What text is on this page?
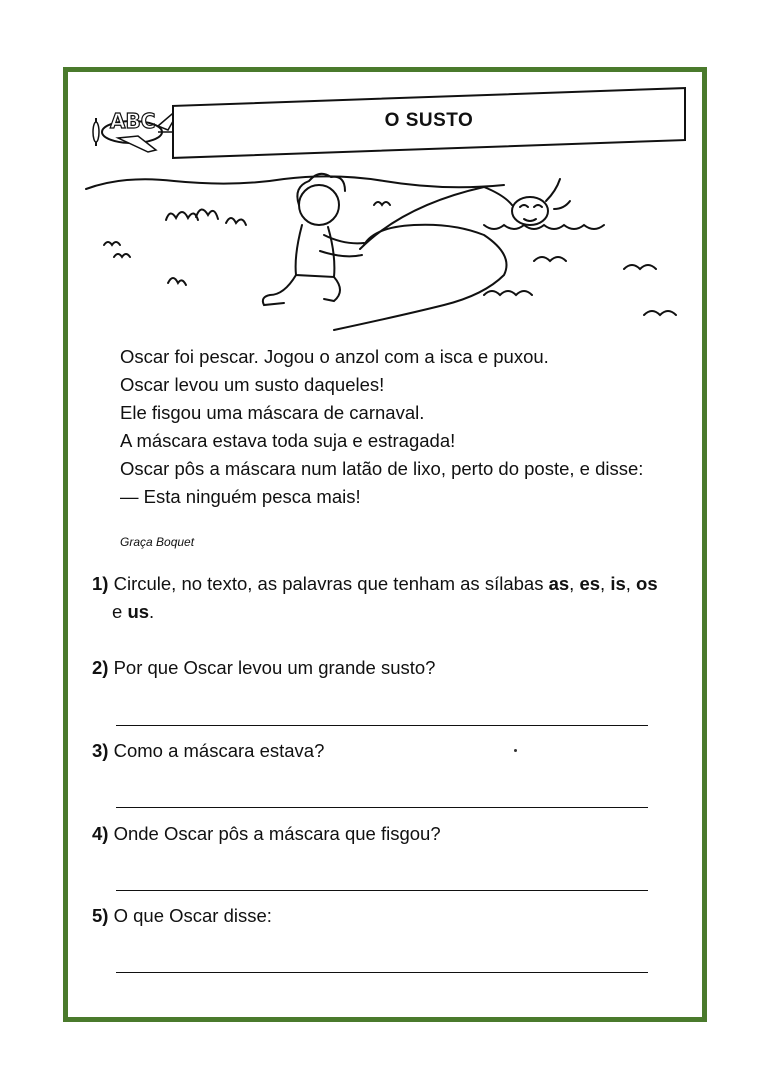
ABC	O SUSTO

Oscar foi pescar. Jogou o anzol com a isca e puxou.

Oscar levou um susto daqueles!

Ele fisgou uma máscara de carnaval.

A máscara estava toda suja e estragada!

Oscar pôs a máscara num latão de lixo, perto do poste, e disse:

— Esta ninguém pesca mais!

Graça Boquet
1) Circule, no texto, as palavras que tenham as sílabas as, es, is, os
e us.
2) Por que Oscar levou um grande susto?
3) Como a máscara estava?
4) Onde Oscar pôs a máscara que fisgou?
5) O que Oscar disse:
